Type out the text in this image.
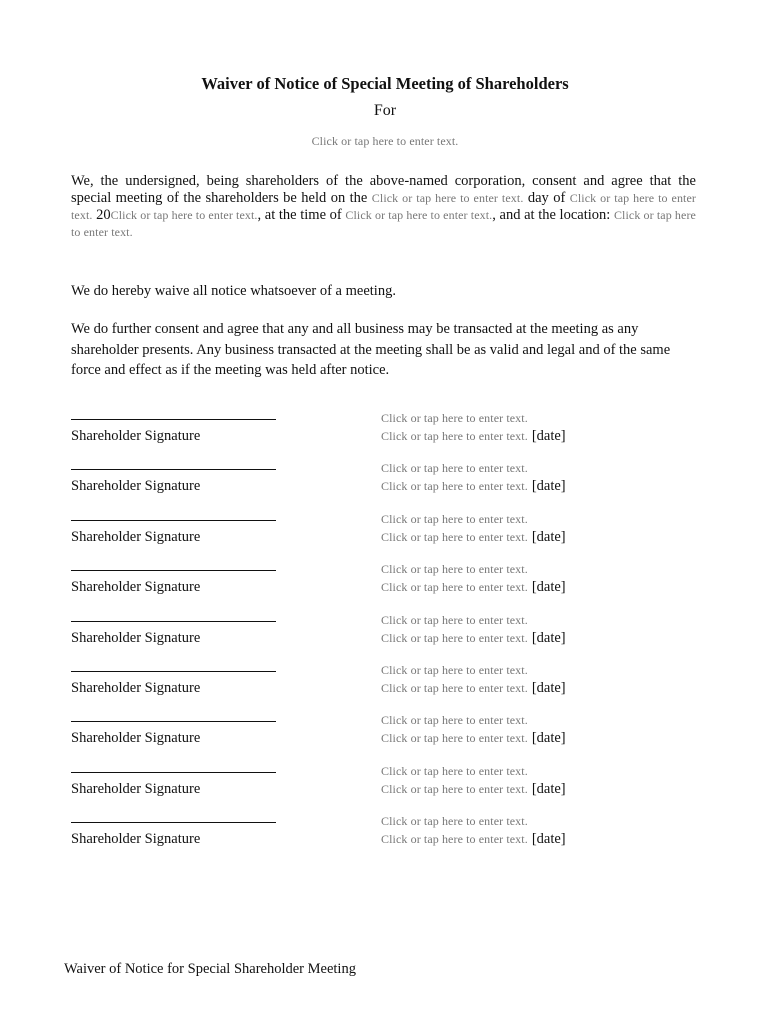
Waiver of Notice of Special Meeting of Shareholders
For
Click or tap here to enter text.
We, the undersigned, being shareholders of the above-named corporation, consent and agree that the special meeting of the shareholders be held on the Click or tap here to enter text. day of Click or tap here to enter text. 20Click or tap here to enter text., at the time of Click or tap here to enter text., and at the location: Click or tap here to enter text.
We do hereby waive all notice whatsoever of a meeting.
We do further consent and agree that any and all business may be transacted at the meeting as any shareholder presents. Any business transacted at the meeting shall be as valid and legal and of the same force and effect as if the meeting was held after notice.
Shareholder Signature
Click or tap here to enter text.
Click or tap here to enter text. [date]
Shareholder Signature
Click or tap here to enter text.
Click or tap here to enter text. [date]
Shareholder Signature
Click or tap here to enter text.
Click or tap here to enter text. [date]
Shareholder Signature
Click or tap here to enter text.
Click or tap here to enter text. [date]
Shareholder Signature
Click or tap here to enter text.
Click or tap here to enter text. [date]
Shareholder Signature
Click or tap here to enter text.
Click or tap here to enter text. [date]
Shareholder Signature
Click or tap here to enter text.
Click or tap here to enter text. [date]
Shareholder Signature
Click or tap here to enter text.
Click or tap here to enter text. [date]
Shareholder Signature
Click or tap here to enter text.
Click or tap here to enter text. [date]
Waiver of Notice for Special Shareholder Meeting
